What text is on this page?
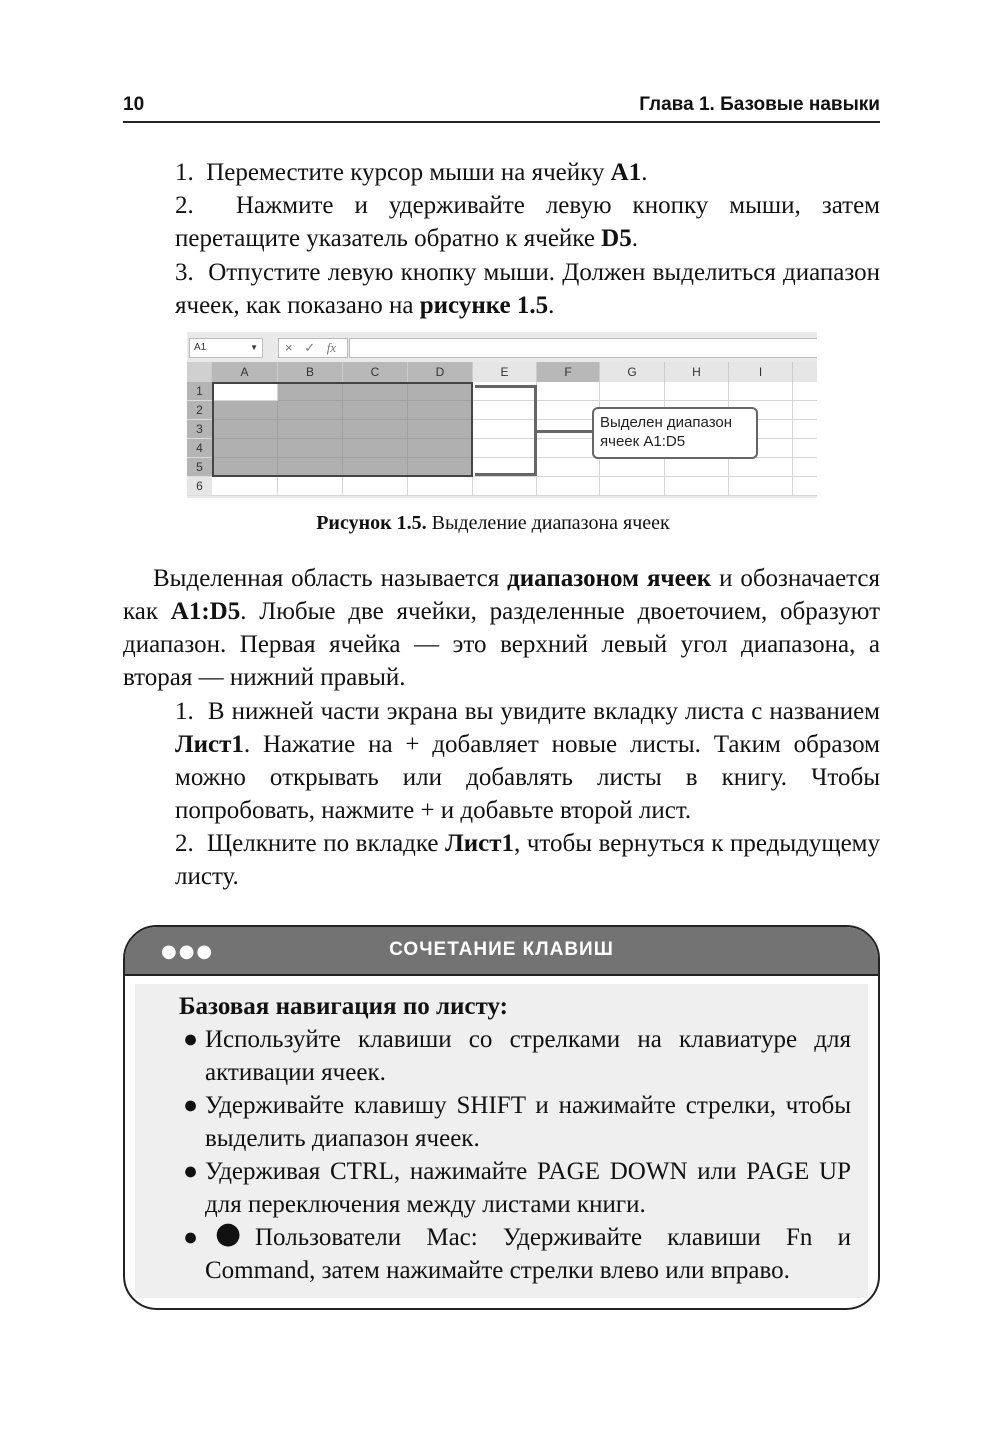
10	Глава 1. Базовые навыки
1. Переместите курсор мыши на ячейку A1.
2. Нажмите и удерживайте левую кнопку мыши, затем перетащите указатель обратно к ячейке D5.
3. Отпустите левую кнопку мыши. Должен выделиться диапазон ячеек, как показано на рисунке 1.5.
A1	▼	× ✓ fx
A	B	C	D	E	F	G	H	I
1
2
3
4
5
6
Выделен диапазон
ячеек A1:D5
Рисунок 1.5. Выделение диапазона ячеек
Выделенная область называется диапазоном ячеек и обозначается как A1:D5. Любые две ячейки, разделенные двоеточием, образуют диапазон. Первая ячейка — это верхний левый угол диапазона, а вторая — нижний правый.
1. В нижней части экрана вы увидите вкладку листа с названием Лист1. Нажатие на + добавляет новые листы. Таким образом можно открывать или добавлять листы в книгу. Чтобы попробовать, нажмите + и добавьте второй лист.
2. Щелкните по вкладке Лист1, чтобы вернуться к предыдущему листу.
●●●	СОЧЕТАНИЕ КЛАВИШ
Базовая навигация по листу:
● Используйте клавиши со стрелками на клавиатуре для активации ячеек.
● Удерживайте клавишу SHIFT и нажимайте стрелки, чтобы выделить диапазон ячеек.
● Удерживая CTRL, нажимайте PAGE DOWN или PAGE UP для переключения между листами книги.
● ● Пользователи Mac: Удерживайте клавиши Fn и Command, затем нажимайте стрелки влево или вправо.
